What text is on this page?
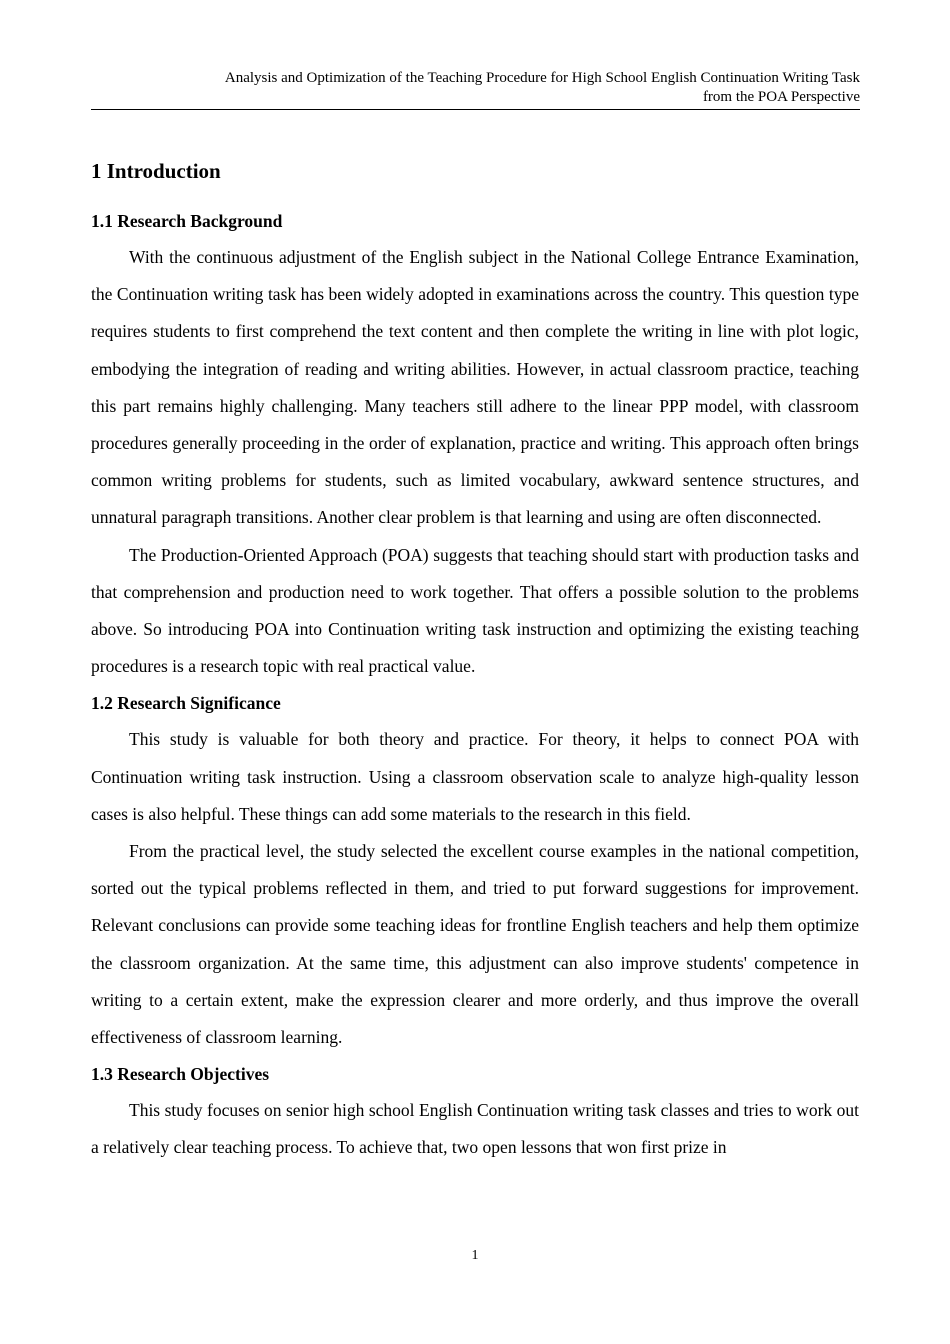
Analysis and Optimization of the Teaching Procedure for High School English Continuation Writing Task
from the POA Perspective
1 Introduction
1.1 Research Background

With the continuous adjustment of the English subject in the National College Entrance Examination, the Continuation writing task has been widely adopted in examinations across the country. This question type requires students to first comprehend the text content and then complete the writing in line with plot logic, embodying the integration of reading and writing abilities. However, in actual classroom practice, teaching this part remains highly challenging. Many teachers still adhere to the linear PPP model, with classroom procedures generally proceeding in the order of explanation, practice and writing. This approach often brings common writing problems for students, such as limited vocabulary, awkward sentence structures, and unnatural paragraph transitions. Another clear problem is that learning and using are often disconnected.

The Production-Oriented Approach (POA) suggests that teaching should start with production tasks and that comprehension and production need to work together. That offers a possible solution to the problems above. So introducing POA into Continuation writing task instruction and optimizing the existing teaching procedures is a research topic with real practical value.

1.2 Research Significance

This study is valuable for both theory and practice. For theory, it helps to connect POA with Continuation writing task instruction. Using a classroom observation scale to analyze high-quality lesson cases is also helpful. These things can add some materials to the research in this field.

From the practical level, the study selected the excellent course examples in the national competition, sorted out the typical problems reflected in them, and tried to put forward suggestions for improvement. Relevant conclusions can provide some teaching ideas for frontline English teachers and help them optimize the classroom organization. At the same time, this adjustment can also improve students' competence in writing to a certain extent, make the expression clearer and more orderly, and thus improve the overall effectiveness of classroom learning.

1.3 Research Objectives

This study focuses on senior high school English Continuation writing task classes and tries to work out a relatively clear teaching process. To achieve that, two open lessons that won first prize in

1
